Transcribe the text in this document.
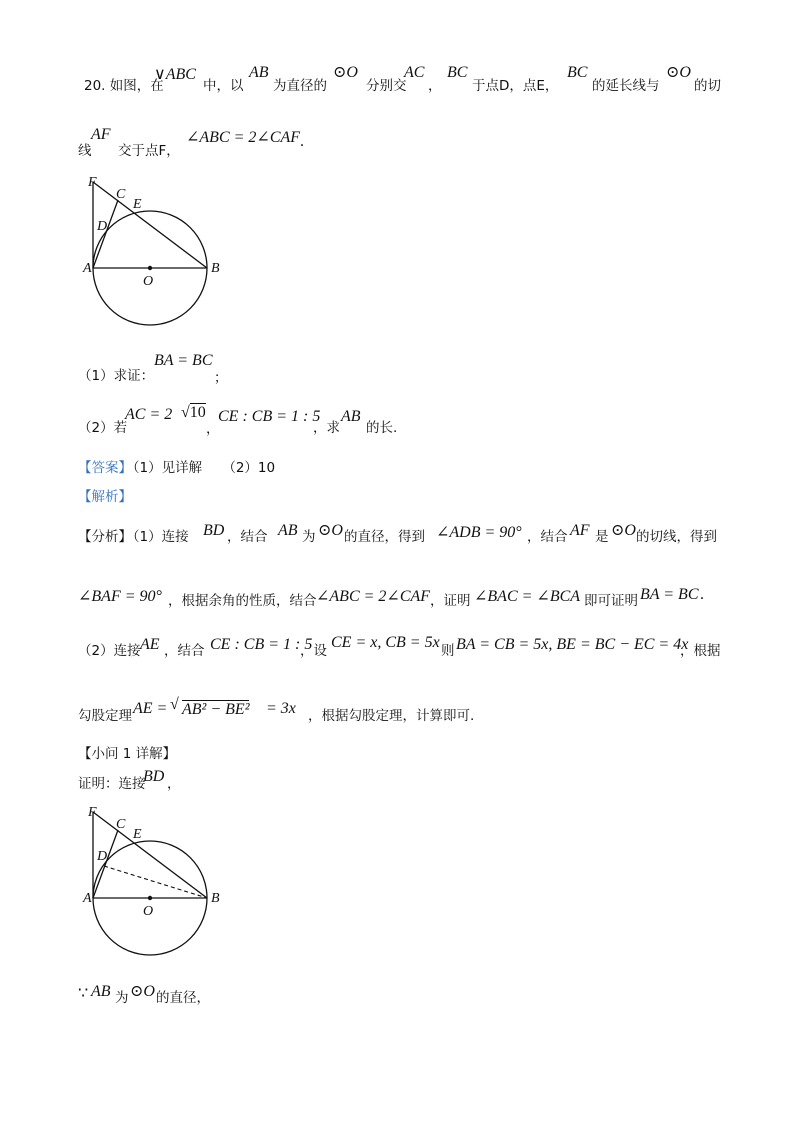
20. 如图，在
∨ABC
中，以
AB
为直径的
⊙O
分别交
AC
，
BC
于点D，点E，
BC
的延长线与
⊙O
的切
线
AF
交于点F，
∠ABC = 2∠CAF .
F
C
E
D
A	B
O
（1）求证：
BA = BC
；
（2）若
AC = 2 √10
，
CE : CB = 1 : 5
，求
AB
的长.
【答案】
（1）见详解　　（2）10
【解析】
【分析】
（1）连接 BD ，结合 AB 为 ⊙O 的直径，得到 ∠ADB = 90° ，结合 AF 是 ⊙O 的切线，得到
∠BAF = 90° ，根据余角的性质，结合 ∠ABC = 2∠CAF ，证明 ∠BAC = ∠BCA 即可证明 BA = BC .
（2）连接 AE ，结合 CE : CB = 1 : 5
，设 CE = x, CB = 5x 则 BA = CB = 5x, BE = BC − EC = 4x
，根据
勾股定理 AE = √ AB² − BE² = 3x ，根据勾股定理，计算即可.
【小问 1 详解】
证明：连接
BD ，
F
C
E
D
A	B
O
∵ AB 为 ⊙O 的直径，
